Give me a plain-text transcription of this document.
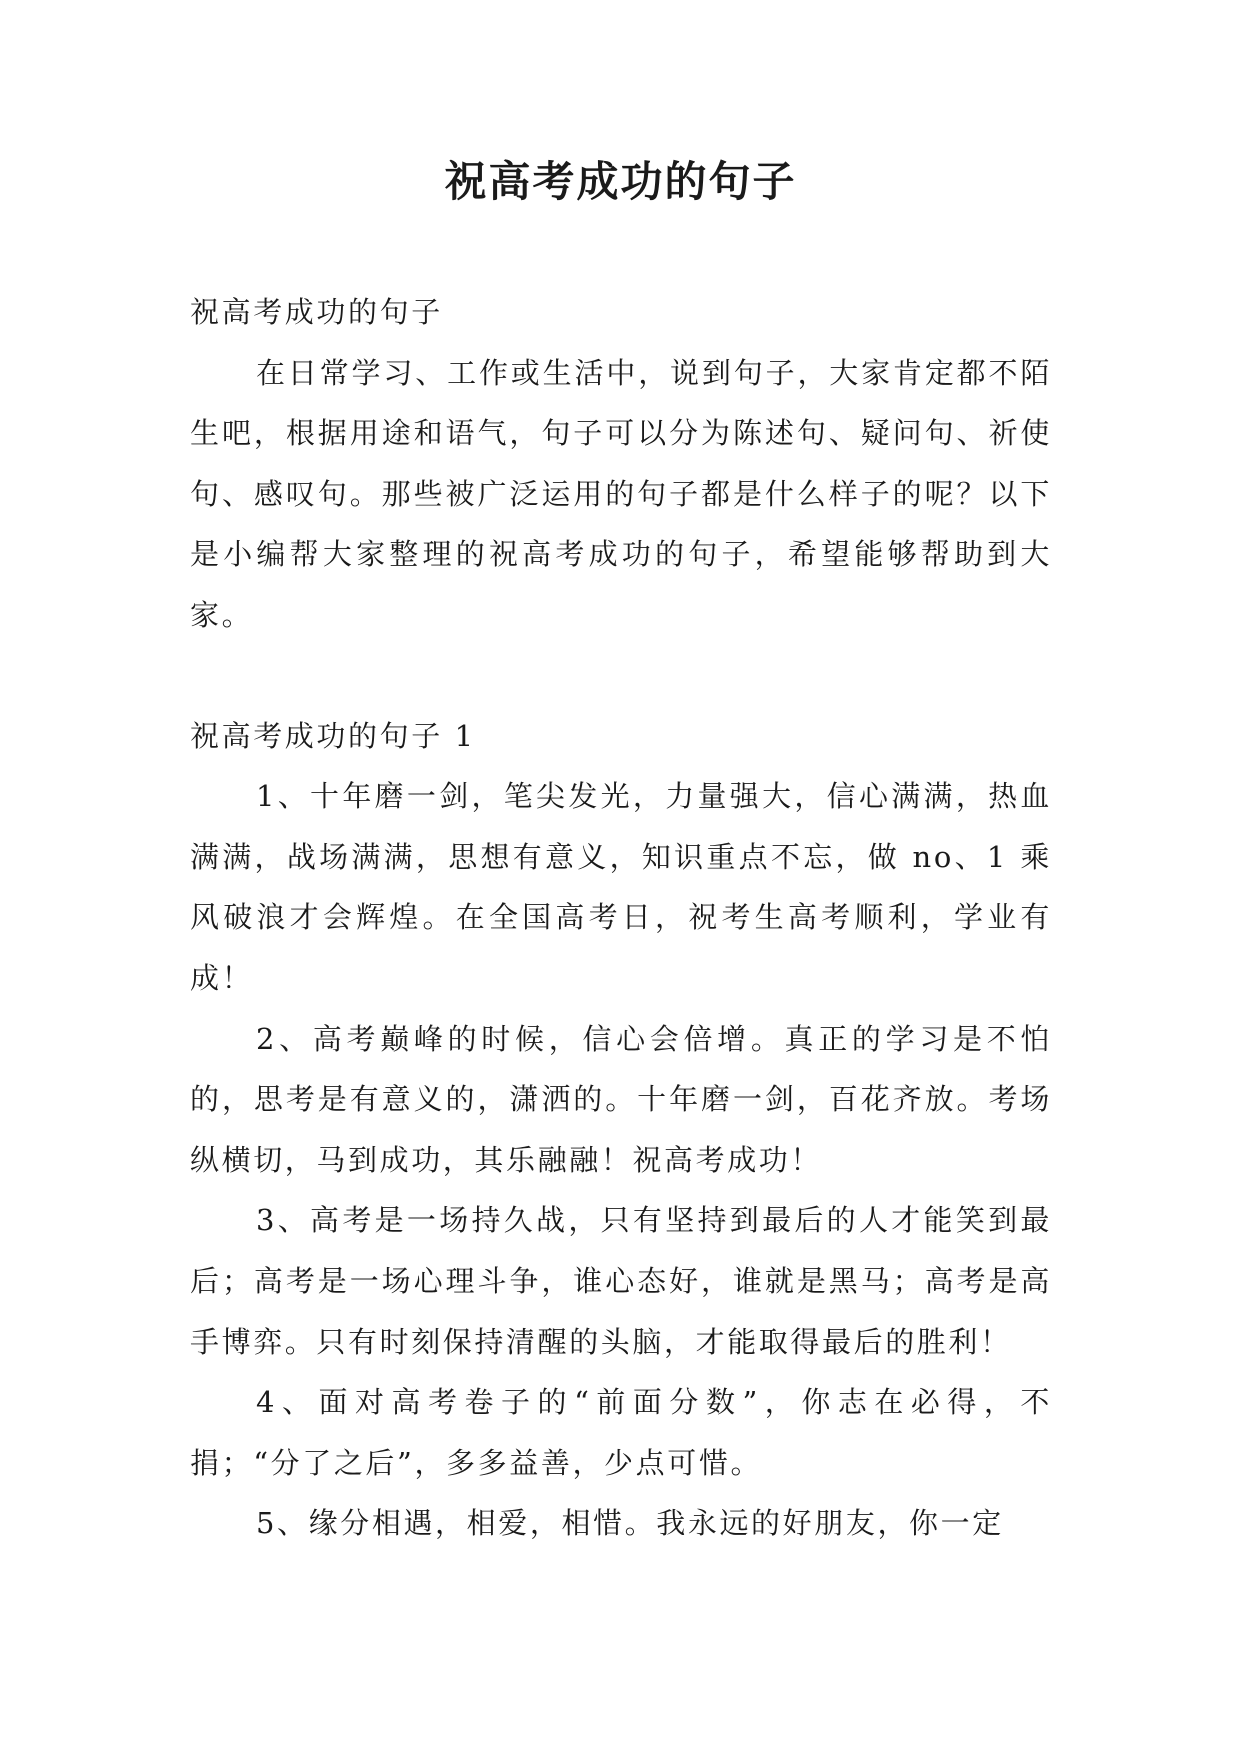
祝高考成功的句子

祝高考成功的句子

在日常学习、工作或生活中，说到句子，大家肯定都不陌生吧，根据用途和语气，句子可以分为陈述句、疑问句、祈使句、感叹句。那些被广泛运用的句子都是什么样子的呢？以下是小编帮大家整理的祝高考成功的句子，希望能够帮助到大家。

祝高考成功的句子 1

1、十年磨一剑，笔尖发光，力量强大，信心满满，热血满满，战场满满，思想有意义，知识重点不忘，做 no、1 乘风破浪才会辉煌。在全国高考日，祝考生高考顺利，学业有成！

2、高考巅峰的时候，信心会倍增。真正的学习是不怕的，思考是有意义的，潇洒的。十年磨一剑，百花齐放。考场纵横切，马到成功，其乐融融！祝高考成功！

3、高考是一场持久战，只有坚持到最后的人才能笑到最后；高考是一场心理斗争，谁心态好，谁就是黑马；高考是高手博弈。只有时刻保持清醒的头脑，才能取得最后的胜利！

4、面对高考卷子的“前面分数”，你志在必得，不捐；“分了之后”，多多益善，少点可惜。

5、缘分相遇，相爱，相惜。我永远的好朋友，你一定
